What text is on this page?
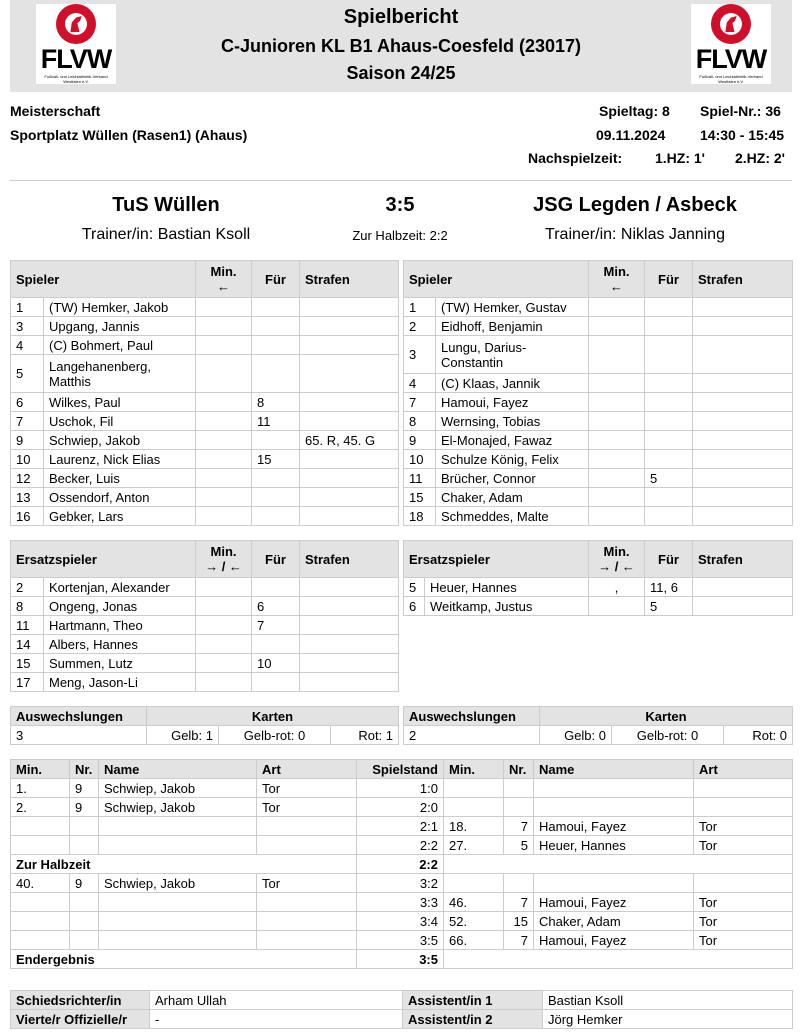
FLVW
Fußball- und Leichtathletik-Verband Westfalen e.V.
Spielbericht
C-Junioren KL B1 Ahaus-Coesfeld (23017)
Saison 24/25	FLVW
Fußball- und Leichtathletik-Verband Westfalen e.V.
Meisterschaft
Sportplatz Wüllen (Rasen1) (Ahaus)
Spieltag: 8 Spiel-Nr.: 36
09.11.2024 14:30 - 15:45
Nachspielzeit: 1.HZ: 1' 2.HZ: 2'
TuS Wüllen	3:5	JSG Legden / Asbeck
Trainer/in: Bastian Ksoll	Zur Halbzeit: 2:2	Trainer/in: Niklas Janning
Spieler		Min.
←	Für	Strafen
1	(TW) Hemker, Jakob			
3	Upgang, Jannis			
4	(C) Bohmert, Paul			
5	Langehanenberg,
Matthis			
6	Wilkes, Paul		8	
7	Uschok, Fil		11	
9	Schwiep, Jakob			65. R, 45. G
10	Laurenz, Nick Elias		15	
12	Becker, Luis			
13	Ossendorf, Anton			
16	Gebker, Lars			
Spieler		Min.
←	Für	Strafen
1	(TW) Hemker, Gustav			
2	Eidhoff, Benjamin			
3	Lungu, Darius-
Constantin			
4	(C) Klaas, Jannik			
7	Hamoui, Fayez			
8	Wernsing, Tobias			
9	El-Monajed, Fawaz			
10	Schulze König, Felix			
11	Brücher, Connor		5	
15	Chaker, Adam			
18	Schmeddes, Malte			
Ersatzspieler		Min.
→ / ←	Für	Strafen
2	Kortenjan, Alexander			
8	Ongeng, Jonas		6	
11	Hartmann, Theo		7	
14	Albers, Hannes			
15	Summen, Lutz		10	
17	Meng, Jason-Li			
Ersatzspieler		Min.
→ / ←	Für	Strafen
5	Heuer, Hannes	,	11, 6	
6	Weitkamp, Justus		5	
Auswechslungen	Karten		
3	Gelb: 1	Gelb-rot: 0	Rot: 1
Auswechslungen	Karten		
2	Gelb: 0	Gelb-rot: 0	Rot: 0
Min.	Nr.	Name	Art	Spielstand	Min.	Nr.	Name	Art
1.	9	Schwiep, Jakob	Tor	1:0				
2.	9	Schwiep, Jakob	Tor	2:0				
				2:1	18.	7	Hamoui, Fayez	Tor
				2:2	27.	5	Heuer, Hannes	Tor
Zur Halbzeit				2:2				
40.	9	Schwiep, Jakob	Tor	3:2				
				3:3	46.	7	Hamoui, Fayez	Tor
				3:4	52.	15	Chaker, Adam	Tor
				3:5	66.	7	Hamoui, Fayez	Tor
Endergebnis				3:5				
Schiedsrichter/in	Arham Ullah	Assistent/in 1	Bastian Ksoll
Vierte/r Offizielle/r	-	Assistent/in 2	Jörg Hemker
